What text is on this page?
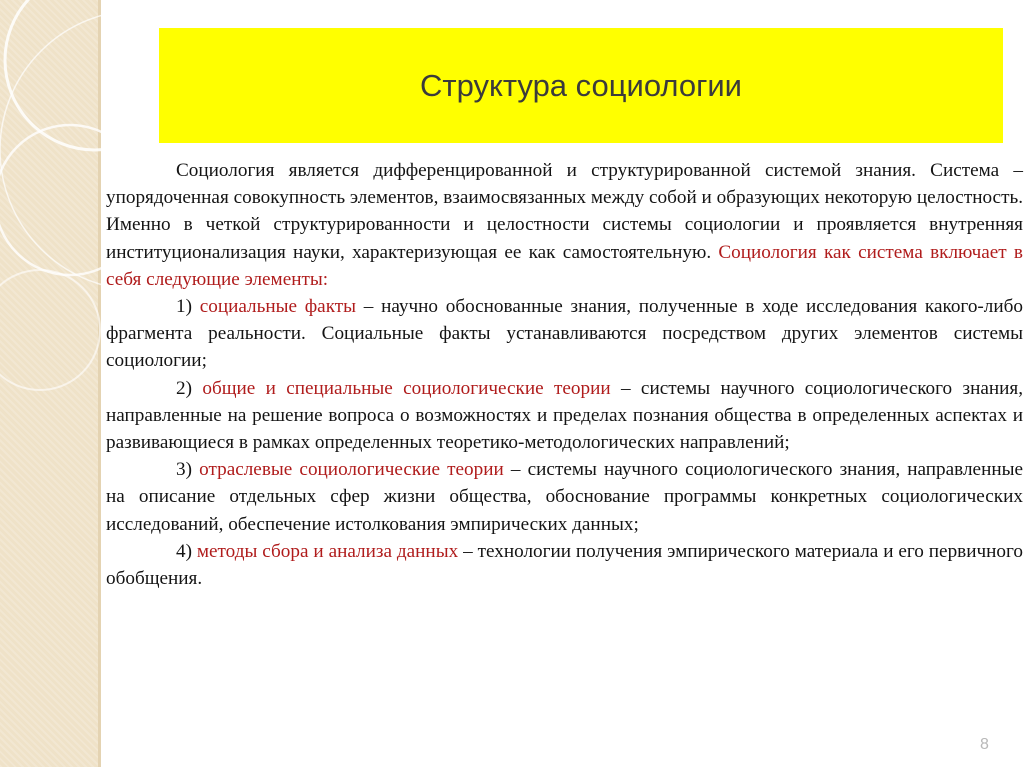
Структура социологии

Социология является дифференцированной и структурированной системой знания. Система – упорядоченная совокупность элементов, взаимосвязанных между собой и образующих некоторую целостность. Именно в четкой структурированности и целостности системы социологии и проявляется внутренняя институционализация науки, характеризующая ее как самостоятельную. Социология как система включает в себя следующие элементы:

1) социальные факты – научно обоснованные знания, полученные в ходе исследования какого-либо фрагмента реальности. Социальные факты устанавливаются посредством других элементов системы социологии;

2) общие и специальные социологические теории – системы научного социологического знания, направленные на решение вопроса о возможностях и пределах познания общества в определенных аспектах и развивающиеся в рамках определенных теоретико-методологических направлений;

3) отраслевые социологические теории – системы научного социологического знания, направленные на описание отдельных сфер жизни общества, обоснование программы конкретных социологических исследований, обеспечение истолкования эмпирических данных;

4) методы сбора и анализа данных – технологии получения эмпирического материала и его первичного обобщения.

8
